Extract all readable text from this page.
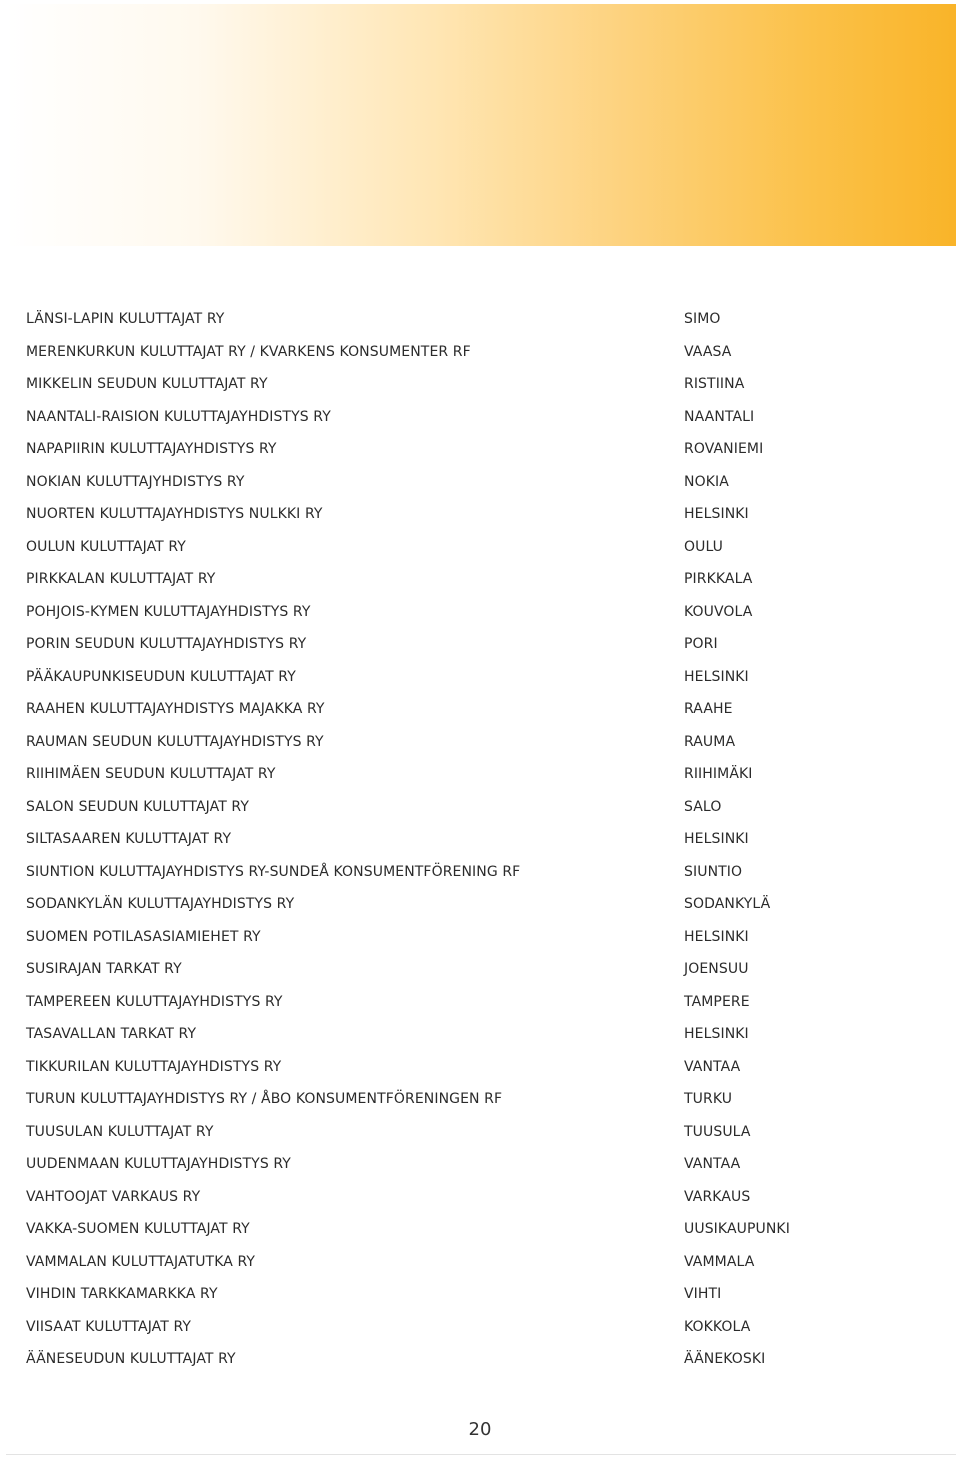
LÄNSI-LAPIN KULUTTAJAT RY	SIMO
MERENKURKUN KULUTTAJAT RY / KVARKENS KONSUMENTER RF	VAASA
MIKKELIN SEUDUN KULUTTAJAT RY	RISTIINA
NAANTALI-RAISION KULUTTAJAYHDISTYS RY	NAANTALI
NAPAPIIRIN KULUTTAJAYHDISTYS RY	ROVANIEMI
NOKIAN KULUTTAJYHDISTYS RY	NOKIA
NUORTEN KULUTTAJAYHDISTYS NULKKI RY	HELSINKI
OULUN KULUTTAJAT RY	OULU
PIRKKALAN KULUTTAJAT RY	PIRKKALA
POHJOIS-KYMEN KULUTTAJAYHDISTYS RY	KOUVOLA
PORIN SEUDUN KULUTTAJAYHDISTYS RY	PORI
PÄÄKAUPUNKISEUDUN KULUTTAJAT RY	HELSINKI
RAAHEN KULUTTAJAYHDISTYS MAJAKKA RY	RAAHE
RAUMAN SEUDUN KULUTTAJAYHDISTYS RY	RAUMA
RIIHIMÄEN SEUDUN KULUTTAJAT RY	RIIHIMÄKI
SALON SEUDUN KULUTTAJAT RY	SALO
SILTASAAREN KULUTTAJAT RY	HELSINKI
SIUNTION KULUTTAJAYHDISTYS RY-SUNDEÅ KONSUMENTFÖRENING RF	SIUNTIO
SODANKYLÄN KULUTTAJAYHDISTYS RY	SODANKYLÄ
SUOMEN POTILASASIAMIEHET RY	HELSINKI
SUSIRAJAN TARKAT RY	JOENSUU
TAMPEREEN KULUTTAJAYHDISTYS RY	TAMPERE
TASAVALLAN TARKAT RY	HELSINKI
TIKKURILAN KULUTTAJAYHDISTYS RY	VANTAA
TURUN KULUTTAJAYHDISTYS RY / ÅBO KONSUMENTFÖRENINGEN RF	TURKU
TUUSULAN KULUTTAJAT RY	TUUSULA
UUDENMAAN KULUTTAJAYHDISTYS RY	VANTAA
VAHTOOJAT VARKAUS RY	VARKAUS
VAKKA-SUOMEN KULUTTAJAT RY	UUSIKAUPUNKI
VAMMALAN KULUTTAJATUTKA RY	VAMMALA
VIHDIN TARKKAMARKKA RY	VIHTI
VIISAAT KULUTTAJAT RY	KOKKOLA
ÄÄNESEUDUN KULUTTAJAT RY	ÄÄNEKOSKI
20
